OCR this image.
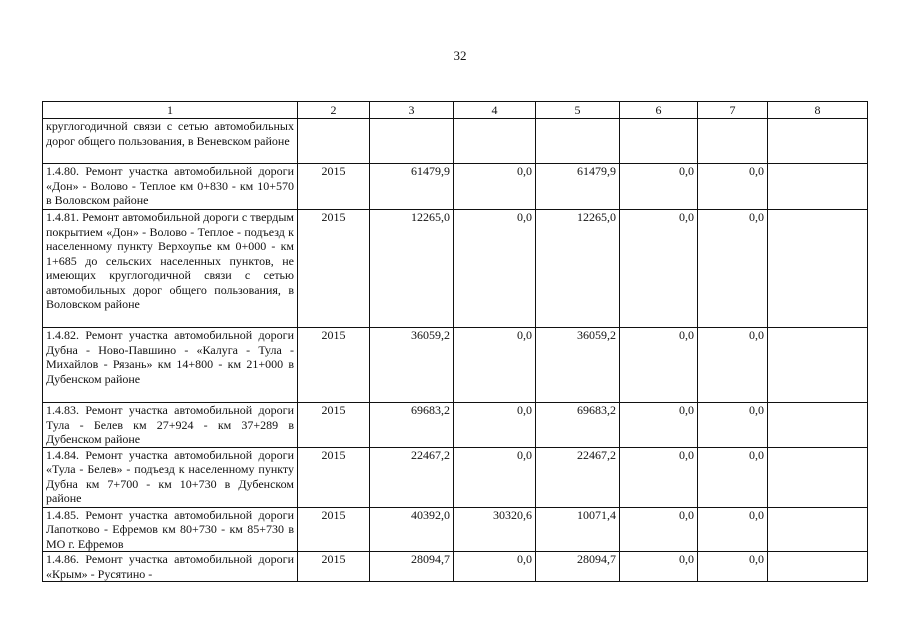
32
1	2	3	4	5	6	7	8
круглогодичной связи с сетью автомобильных дорог общего пользования, в Веневском районе							
1.4.80. Ремонт участка автомобильной дороги «Дон» - Волово - Теплое км 0+830 - км 10+570 в Воловском районе	2015	61479,9	0,0	61479,9	0,0	0,0	
1.4.81. Ремонт автомобильной дороги с твердым покрытием «Дон» - Волово - Теплое - подъезд к населенному пункту Верхоупье км 0+000 - км 1+685 до сельских населенных пунктов, не имеющих круглогодичной связи с сетью автомобильных дорог общего пользования, в Воловском районе	2015	12265,0	0,0	12265,0	0,0	0,0	
1.4.82. Ремонт участка автомобильной дороги Дубна - Ново-Павшино - «Калуга - Тула - Михайлов - Рязань» км 14+800 - км 21+000 в Дубенском районе	2015	36059,2	0,0	36059,2	0,0	0,0	
1.4.83. Ремонт участка автомобильной дороги Тула - Белев км 27+924 - км 37+289 в Дубенском районе	2015	69683,2	0,0	69683,2	0,0	0,0	
1.4.84. Ремонт участка автомобильной дороги «Тула - Белев» - подъезд к населенному пункту Дубна км 7+700 - км 10+730 в Дубенском районе	2015	22467,2	0,0	22467,2	0,0	0,0	
1.4.85. Ремонт участка автомобильной дороги Лапотково - Ефремов км 80+730 - км 85+730 в МО г. Ефремов	2015	40392,0	30320,6	10071,4	0,0	0,0	
1.4.86. Ремонт участка автомобильной дороги «Крым» - Русятино -	2015	28094,7	0,0	28094,7	0,0	0,0	
